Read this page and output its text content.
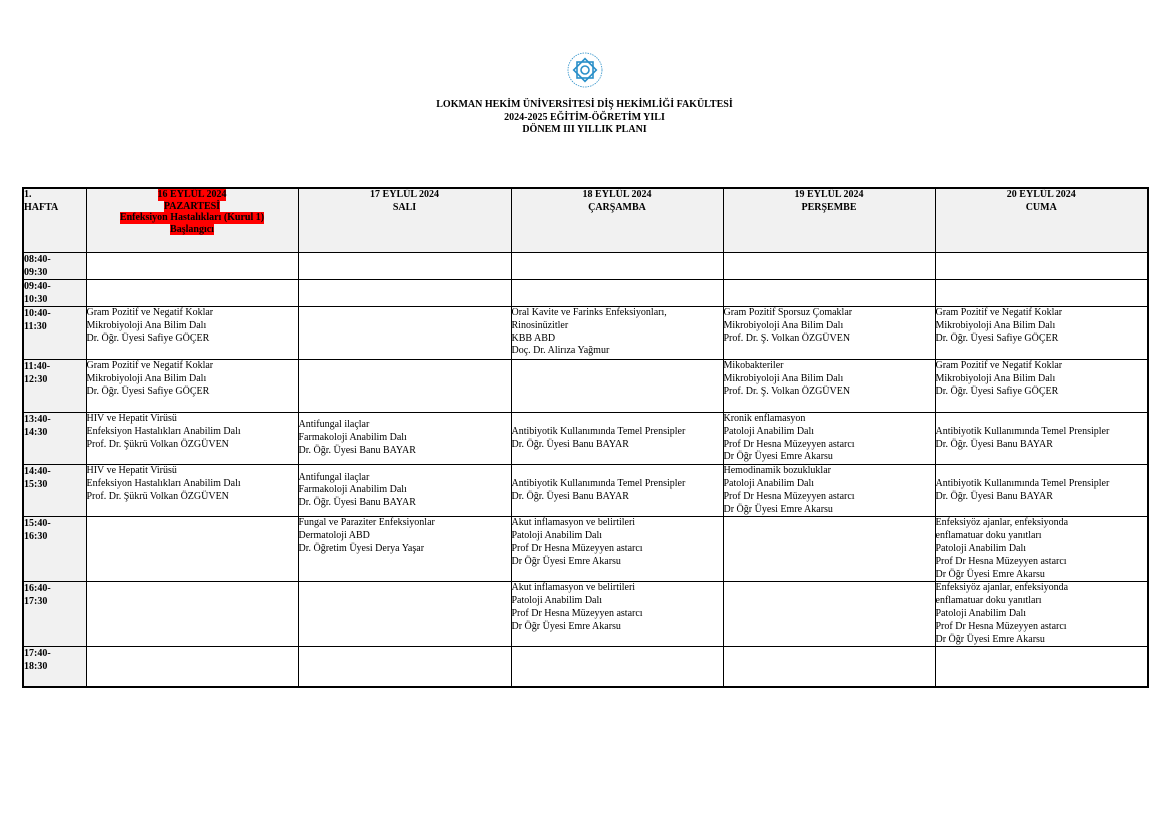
LOKMAN HEKİM ÜNİVERSİTESİ DİŞ HEKİMLİĞİ FAKÜLTESİ
2024-2025 EĞİTİM-ÖĞRETİM YILI
DÖNEM III YILLIK PLANI
1.
HAFTA	16 EYLÜL 2024
PAZARTESİ
Enfeksiyon Hastalıkları (Kurul 1)
Başlangıcı	17 EYLÜL 2024
SALI	18 EYLÜL 2024
ÇARŞAMBA	19 EYLÜL 2024
PERŞEMBE	20 EYLÜL 2024
CUMA

08:40-
09:30					

09:40-
10:30					

10:40-
11:30	Gram Pozitif ve Negatif Koklar
Mikrobiyoloji Ana Bilim Dalı
Dr. Öğr. Üyesi Safiye GÖÇER		Oral Kavite ve Farinks Enfeksiyonları,
Rinosinüzitler
KBB ABD
Doç. Dr. Alirıza Yağmur	Gram Pozitif Sporsuz Çomaklar
Mikrobiyoloji Ana Bilim Dalı
Prof. Dr. Ş. Volkan ÖZGÜVEN	Gram Pozitif ve Negatif Koklar
Mikrobiyoloji Ana Bilim Dalı
Dr. Öğr. Üyesi Safiye GÖÇER

11:40-
12:30	Gram Pozitif ve Negatif Koklar
Mikrobiyoloji Ana Bilim Dalı
Dr. Öğr. Üyesi Safiye GÖÇER			Mikobakteriler
Mikrobiyoloji Ana Bilim Dalı
Prof. Dr. Ş. Volkan ÖZGÜVEN	Gram Pozitif ve Negatif Koklar
Mikrobiyoloji Ana Bilim Dalı
Dr. Öğr. Üyesi Safiye GÖÇER

13:40-
14:30	HIV ve Hepatit Virüsü
Enfeksiyon Hastalıkları Anabilim Dalı
Prof. Dr. Şükrü Volkan ÖZGÜVEN	Antifungal ilaçlar
Farmakoloji Anabilim Dalı
Dr. Öğr. Üyesi Banu BAYAR	Antibiyotik Kullanımında Temel Prensipler
Dr. Öğr. Üyesi Banu BAYAR	Kronik enflamasyon
Patoloji Anabilim Dalı
Prof Dr Hesna Müzeyyen astarcı
Dr Öğr Üyesi Emre Akarsu	Antibiyotik Kullanımında Temel Prensipler
Dr. Öğr. Üyesi Banu BAYAR

14:40-
15:30	HIV ve Hepatit Virüsü
Enfeksiyon Hastalıkları Anabilim Dalı
Prof. Dr. Şükrü Volkan ÖZGÜVEN	Antifungal ilaçlar
Farmakoloji Anabilim Dalı
Dr. Öğr. Üyesi Banu BAYAR	Antibiyotik Kullanımında Temel Prensipler
Dr. Öğr. Üyesi Banu BAYAR	Hemodinamik bozukluklar
Patoloji Anabilim Dalı
Prof Dr Hesna Müzeyyen astarcı
Dr Öğr Üyesi Emre Akarsu	Antibiyotik Kullanımında Temel Prensipler
Dr. Öğr. Üyesi Banu BAYAR

15:40-
16:30		Fungal ve Paraziter Enfeksiyonlar
Dermatoloji ABD
Dr. Öğretim Üyesi Derya Yaşar	Akut inflamasyon ve belirtileri
Patoloji Anabilim Dalı
Prof Dr Hesna Müzeyyen astarcı
Dr Öğr Üyesi Emre Akarsu		Enfeksiyöz ajanlar, enfeksiyonda
enflamatuar doku yanıtları
Patoloji Anabilim Dalı
Prof Dr Hesna Müzeyyen astarcı
Dr Öğr Üyesi Emre Akarsu

16:40-
17:30			Akut inflamasyon ve belirtileri
Patoloji Anabilim Dalı
Prof Dr Hesna Müzeyyen astarcı
Dr Öğr Üyesi Emre Akarsu		Enfeksiyöz ajanlar, enfeksiyonda
enflamatuar doku yanıtları
Patoloji Anabilim Dalı
Prof Dr Hesna Müzeyyen astarcı
Dr Öğr Üyesi Emre Akarsu

17:40-
18:30					
